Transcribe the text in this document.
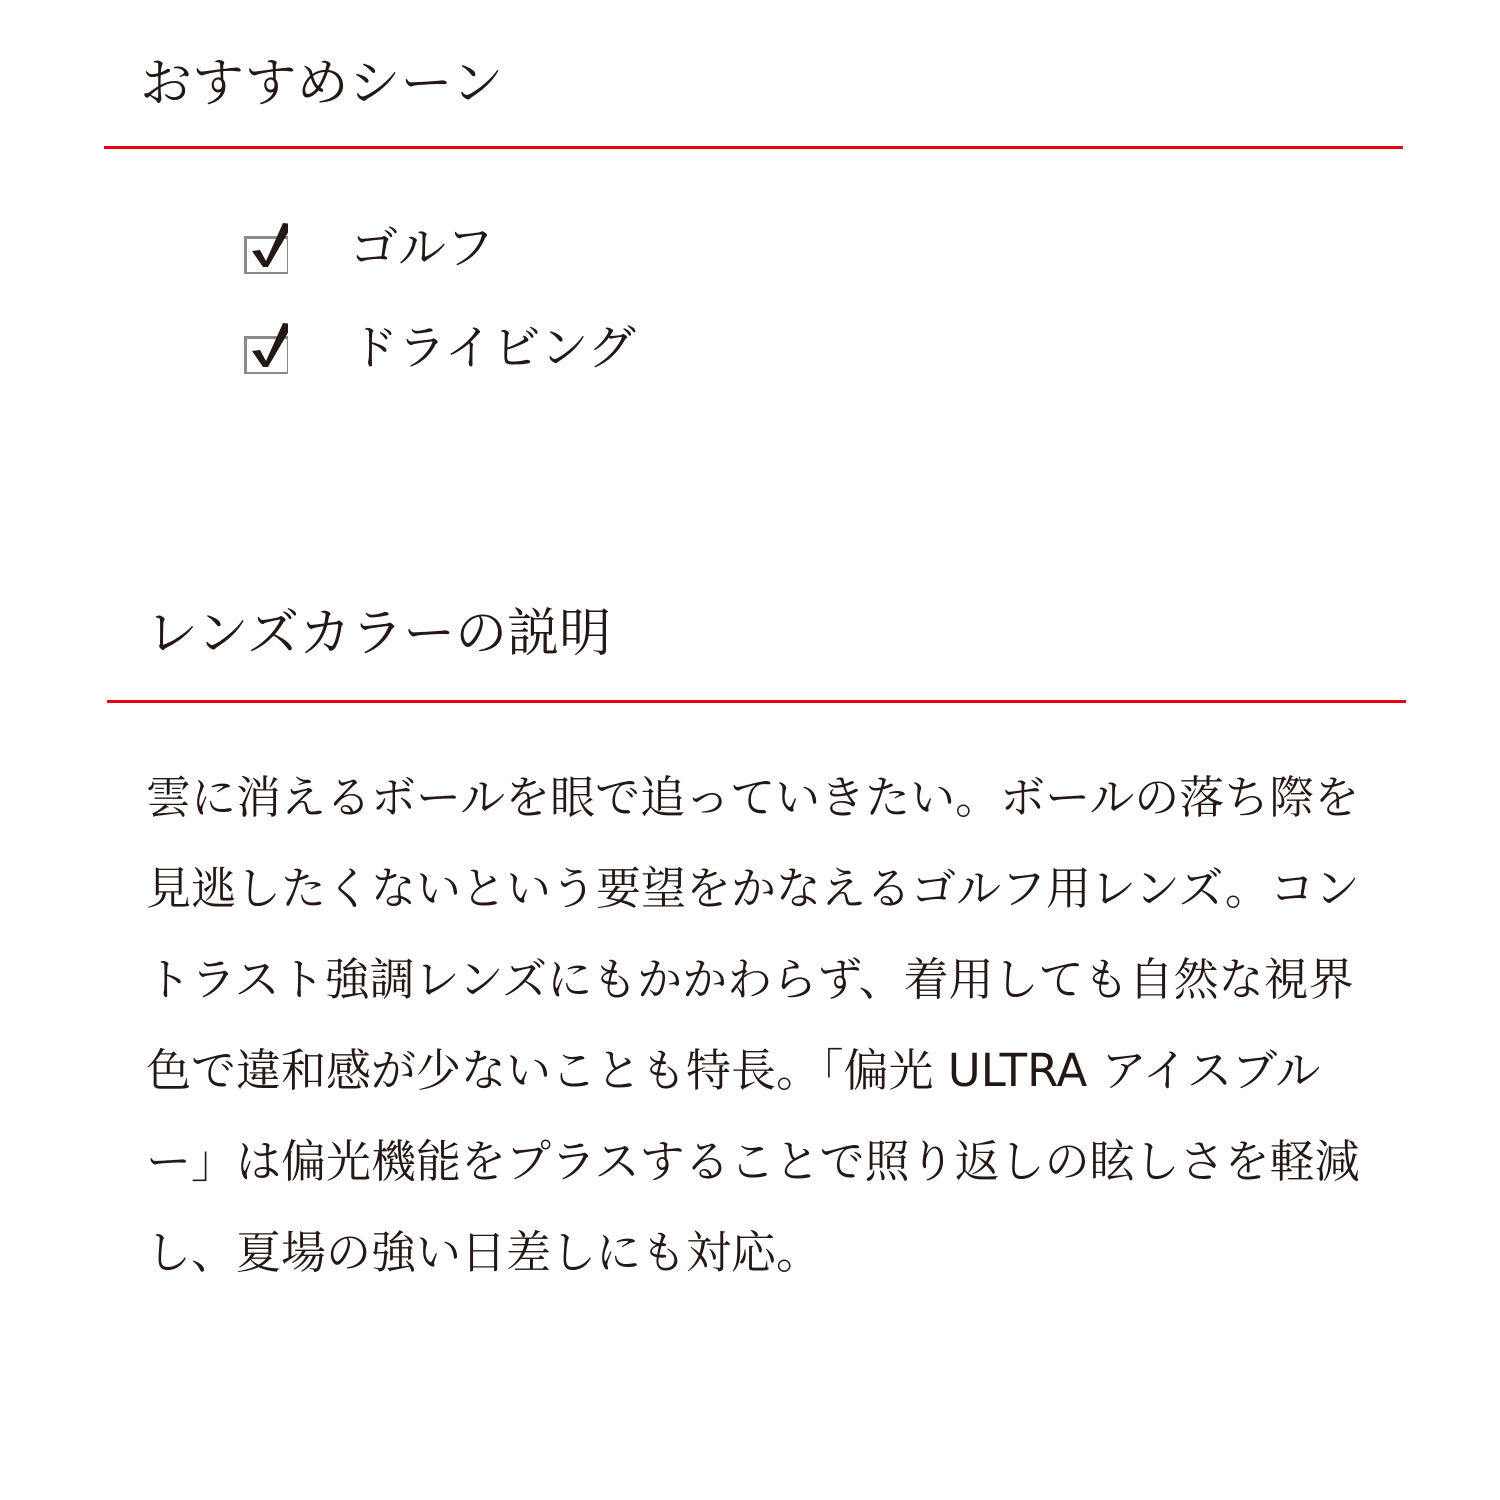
おすすめシーン
ゴルフ
ドライビング
レンズカラーの説明

雲に消えるボールを眼で追っていきたい。ボールの落ち際を見逃したくないという要望をかなえるゴルフ用レンズ。コントラスト強調レンズにもかかわらず、着用しても自然な視界色で違和感が少ないことも特長。「偏光 ULTRA アイスブルー」は偏光機能をプラスすることで照り返しの眩しさを軽減し、夏場の強い日差しにも対応。
